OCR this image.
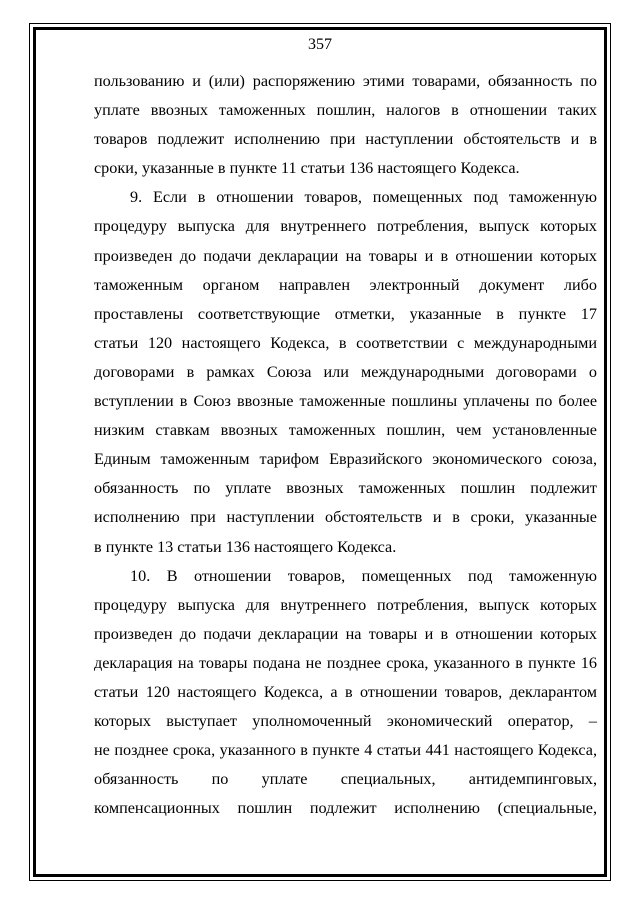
357
пользованию и (или) распоряжению этими товарами, обязанность по
уплате ввозных таможенных пошлин, налогов в отношении таких
товаров подлежит исполнению при наступлении обстоятельств и в
сроки, указанные в пункте 11 статьи 136 настоящего Кодекса.
9. Если в отношении товаров, помещенных под таможенную
процедуру выпуска для внутреннего потребления, выпуск которых
произведен до подачи декларации на товары и в отношении которых
таможенным органом направлен электронный документ либо
проставлены соответствующие отметки, указанные в пункте 17
статьи 120 настоящего Кодекса, в соответствии с международными
договорами в рамках Союза или международными договорами о
вступлении в Союз ввозные таможенные пошлины уплачены по более
низким ставкам ввозных таможенных пошлин, чем установленные
Единым таможенным тарифом Евразийского экономического союза,
обязанность по уплате ввозных таможенных пошлин подлежит
исполнению при наступлении обстоятельств и в сроки, указанные
в пункте 13 статьи 136 настоящего Кодекса.
10. В отношении товаров, помещенных под таможенную
процедуру выпуска для внутреннего потребления, выпуск которых
произведен до подачи декларации на товары и в отношении которых
декларация на товары подана не позднее срока, указанного в пункте 16
статьи 120 настоящего Кодекса, а в отношении товаров, декларантом
которых выступает уполномоченный экономический оператор, –
не позднее срока, указанного в пункте 4 статьи 441 настоящего Кодекса,
обязанность по уплате специальных, антидемпинговых,
компенсационных пошлин подлежит исполнению (специальные,
